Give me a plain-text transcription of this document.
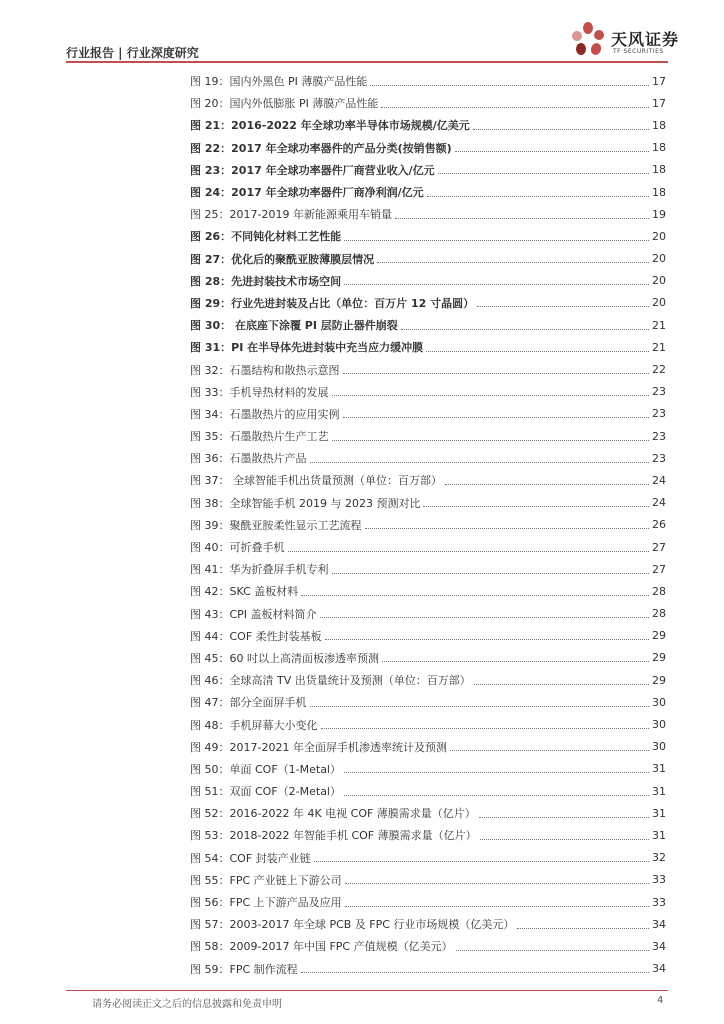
行业报告 | 行业深度研究
天风证券
TF SECURITIES
图 19：国内外黑色 PI 薄膜产品性能	17
图 20：国内外低膨胀 PI 薄膜产品性能	17
图 21：2016-2022 年全球功率半导体市场规模/亿美元	18
图 22：2017 年全球功率器件的产品分类(按销售额)	18
图 23：2017 年全球功率器件厂商营业收入/亿元	18
图 24：2017 年全球功率器件厂商净利润/亿元	18
图 25：2017-2019 年新能源乘用车销量	19
图 26：不同钝化材料工艺性能	20
图 27：优化后的聚酰亚胺薄膜层情况	20
图 28：先进封装技术市场空间	20
图 29：行业先进封装及占比（单位：百万片 12 寸晶圆）	20
图 30： 在底座下涂覆 PI 层防止器件崩裂	21
图 31：PI 在半导体先进封装中充当应力缓冲膜	21
图 32：石墨结构和散热示意图	22
图 33：手机导热材料的发展	23
图 34：石墨散热片的应用实例	23
图 35：石墨散热片生产工艺	23
图 36：石墨散热片产品	23
图 37： 全球智能手机出货量预测（单位：百万部）	24
图 38：全球智能手机 2019 与 2023 预测对比	24
图 39：聚酰亚胺柔性显示工艺流程	26
图 40：可折叠手机	27
图 41：华为折叠屏手机专利	27
图 42：SKC 盖板材料	28
图 43：CPI 盖板材料简介	28
图 44：COF 柔性封装基板	29
图 45：60 吋以上高清面板渗透率预测	29
图 46：全球高清 TV 出货量统计及预测（单位：百万部）	29
图 47：部分全面屏手机	30
图 48：手机屏幕大小变化	30
图 49：2017-2021 年全面屏手机渗透率统计及预测	30
图 50：单面 COF（1-Metal）	31
图 51：双面 COF（2-Metal）	31
图 52：2016-2022 年 4K 电视 COF 薄膜需求量（亿片）	31
图 53：2018-2022 年智能手机 COF 薄膜需求量（亿片）	31
图 54：COF 封装产业链	32
图 55：FPC 产业链上下游公司	33
图 56：FPC 上下游产品及应用	33
图 57：2003-2017 年全球 PCB 及 FPC 行业市场规模（亿美元）	34
图 58：2009-2017 年中国 FPC 产值规模（亿美元）	34
图 59：FPC 制作流程	34
请务必阅读正文之后的信息披露和免责申明	4
